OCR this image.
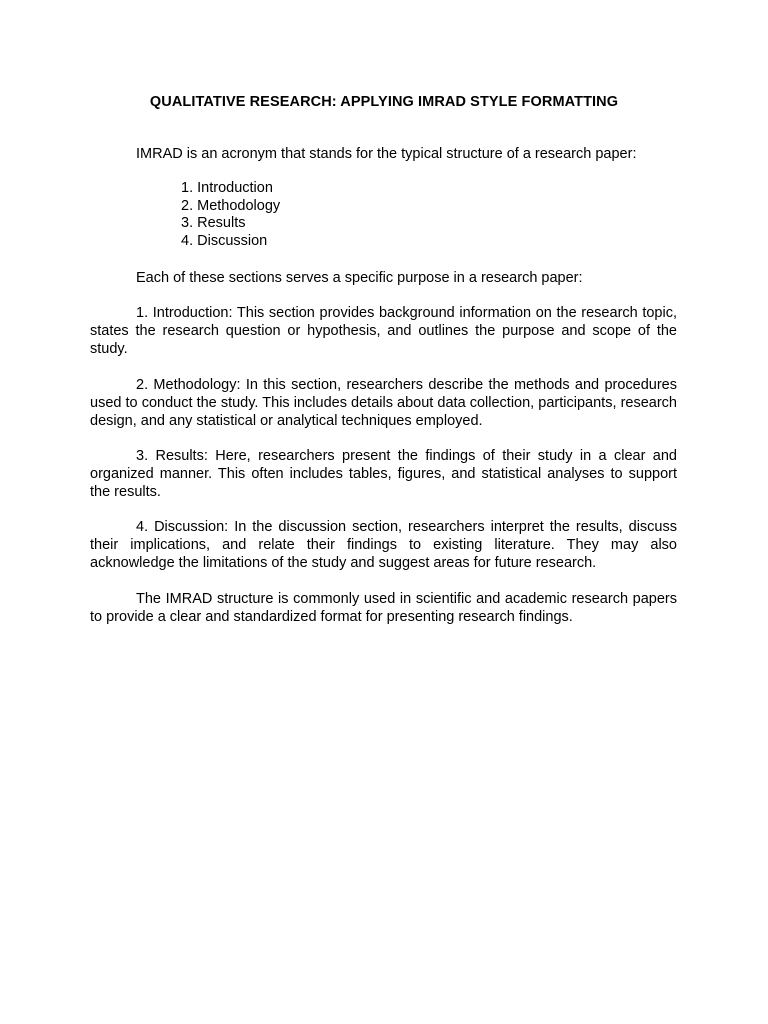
QUALITATIVE RESEARCH: APPLYING IMRAD STYLE FORMATTING

IMRAD is an acronym that stands for the typical structure of a research paper:

1. Introduction
2. Methodology
3. Results
4. Discussion

Each of these sections serves a specific purpose in a research paper:

1. Introduction: This section provides background information on the research topic, states the research question or hypothesis, and outlines the purpose and scope of the study.

2. Methodology: In this section, researchers describe the methods and procedures used to conduct the study. This includes details about data collection, participants, research design, and any statistical or analytical techniques employed.

3. Results: Here, researchers present the findings of their study in a clear and organized manner. This often includes tables, figures, and statistical analyses to support the results.

4. Discussion: In the discussion section, researchers interpret the results, discuss their implications, and relate their findings to existing literature. They may also acknowledge the limitations of the study and suggest areas for future research.

The IMRAD structure is commonly used in scientific and academic research papers to provide a clear and standardized format for presenting research findings.
